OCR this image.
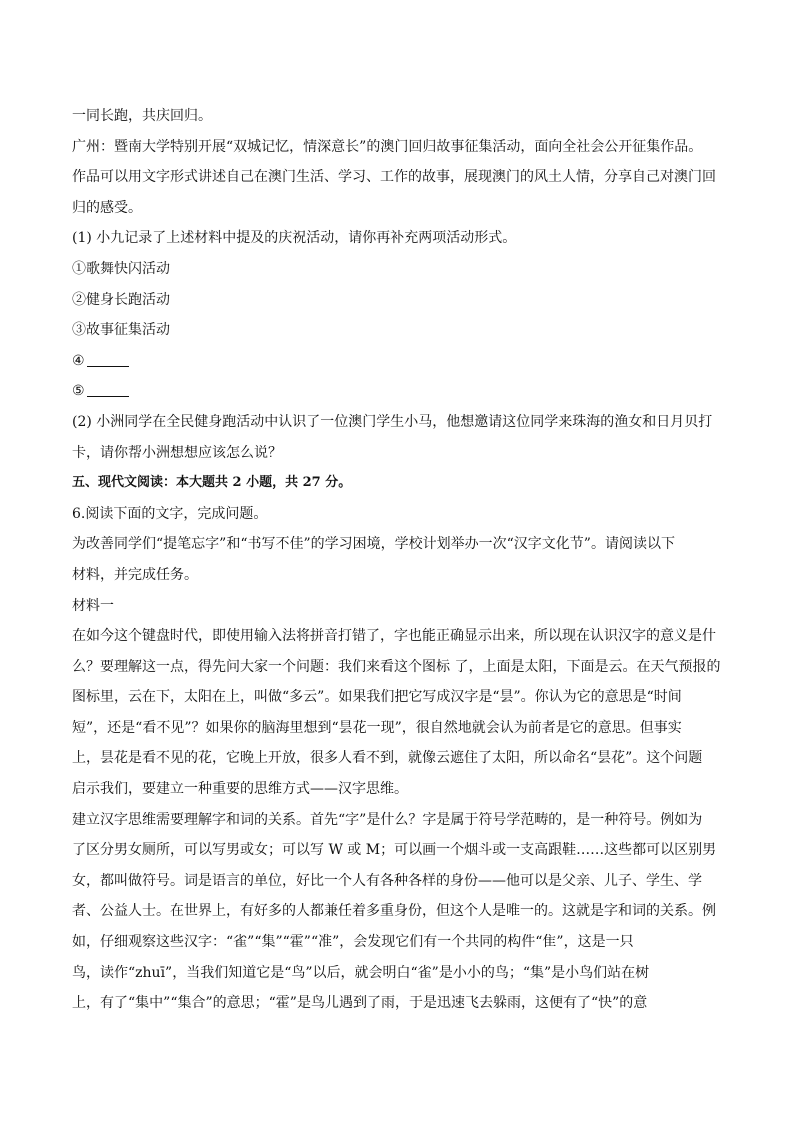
一同长跑，共庆回归。
广州：暨南大学特别开展“双城记忆，情深意长”的澳门回归故事征集活动，面向全社会公开征集作品。
作品可以用文字形式讲述自己在澳门生活、学习、工作的故事，展现澳门的风土人情，分享自己对澳门回
归的感受。
(1) 小九记录了上述材料中提及的庆祝活动，请你再补充两项活动形式。
①歌舞快闪活动
②健身长跑活动
③故事征集活动
④
⑤
(2) 小洲同学在全民健身跑活动中认识了一位澳门学生小马，他想邀请这位同学来珠海的渔女和日月贝打
卡，请你帮小洲想想应该怎么说？
五、现代文阅读：本大题共 2 小题，共 27 分。
6.阅读下面的文字，完成问题。
为改善同学们“提笔忘字”和“书写不佳”的学习困境，学校计划举办一次“汉字文化节”。请阅读以下
材料，并完成任务。
材料一
在如今这个键盘时代，即使用输入法将拼音打错了，字也能正确显示出来，所以现在认识汉字的意义是什
么？要理解这一点，得先问大家一个问题：我们来看这个图标 了，上面是太阳，下面是云。在天气预报的
图标里，云在下，太阳在上，叫做“多云”。如果我们把它写成汉字是“昙”。你认为它的意思是“时间
短”，还是“看不见”？如果你的脑海里想到“昙花一现”，很自然地就会认为前者是它的意思。但事实
上，昙花是看不见的花，它晚上开放，很多人看不到，就像云遮住了太阳，所以命名“昙花”。这个问题
启示我们，要建立一种重要的思维方式——汉字思维。
建立汉字思维需要理解字和词的关系。首先“字”是什么？字是属于符号学范畴的，是一种符号。例如为
了区分男女厕所，可以写男或女；可以写 W 或 M；可以画一个烟斗或一支高跟鞋……这些都可以区别男
女，都叫做符号。词是语言的单位，好比一个人有各种各样的身份——他可以是父亲、儿子、学生、学
者、公益人士。在世界上，有好多的人都兼任着多重身份，但这个人是唯一的。这就是字和词的关系。例
如，仔细观察这些汉字：“雀”“集”“霍”“准”，会发现它们有一个共同的构件“隹”，这是一只
鸟，读作“zhuī”，当我们知道它是“鸟”以后，就会明白“雀”是小小的鸟；“集”是小鸟们站在树
上，有了“集中”“集合”的意思；“霍”是鸟儿遇到了雨，于是迅速飞去躲雨，这便有了“快”的意
